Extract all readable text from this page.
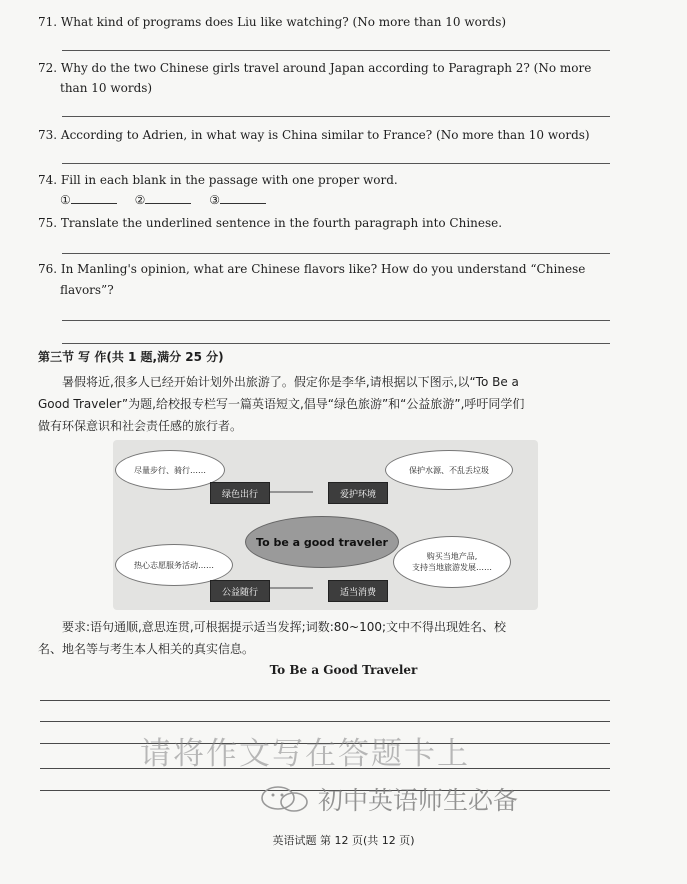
71. What kind of programs does Liu like watching? (No more than 10 words)
72. Why do the two Chinese girls travel around Japan according to Paragraph 2? (No more
than 10 words)
73. According to Adrien, in what way is China similar to France? (No more than 10 words)
74. Fill in each blank in the passage with one proper word.
①	②	③
75. Translate the underlined sentence in the fourth paragraph into Chinese.
76. In Manling's opinion, what are Chinese flavors like? How do you understand “Chinese
flavors”?
第三节 写 作(共 1 题,满分 25 分)
暑假将近,很多人已经开始计划外出旅游了。假定你是李华,请根据以下图示,以“To Be a
Good Traveler”为题,给校报专栏写一篇英语短文,倡导“绿色旅游”和“公益旅游”,呼吁同学们
做有环保意识和社会责任感的旅行者。
尽量步行、骑行……	保护水源、不乱丢垃圾
热心志愿服务活动……
购买当地产品,
支持当地旅游发展……
绿色出行	爱护环境
公益随行	适当消费
To be a good traveler
要求:语句通顺,意思连贯,可根据提示适当发挥;词数:80~100;文中不得出现姓名、校
名、地名等与考生本人相关的真实信息。
To Be a Good Traveler
请将作文写在答题卡上
初中英语师生必备
英语试题 第 12 页(共 12 页)
